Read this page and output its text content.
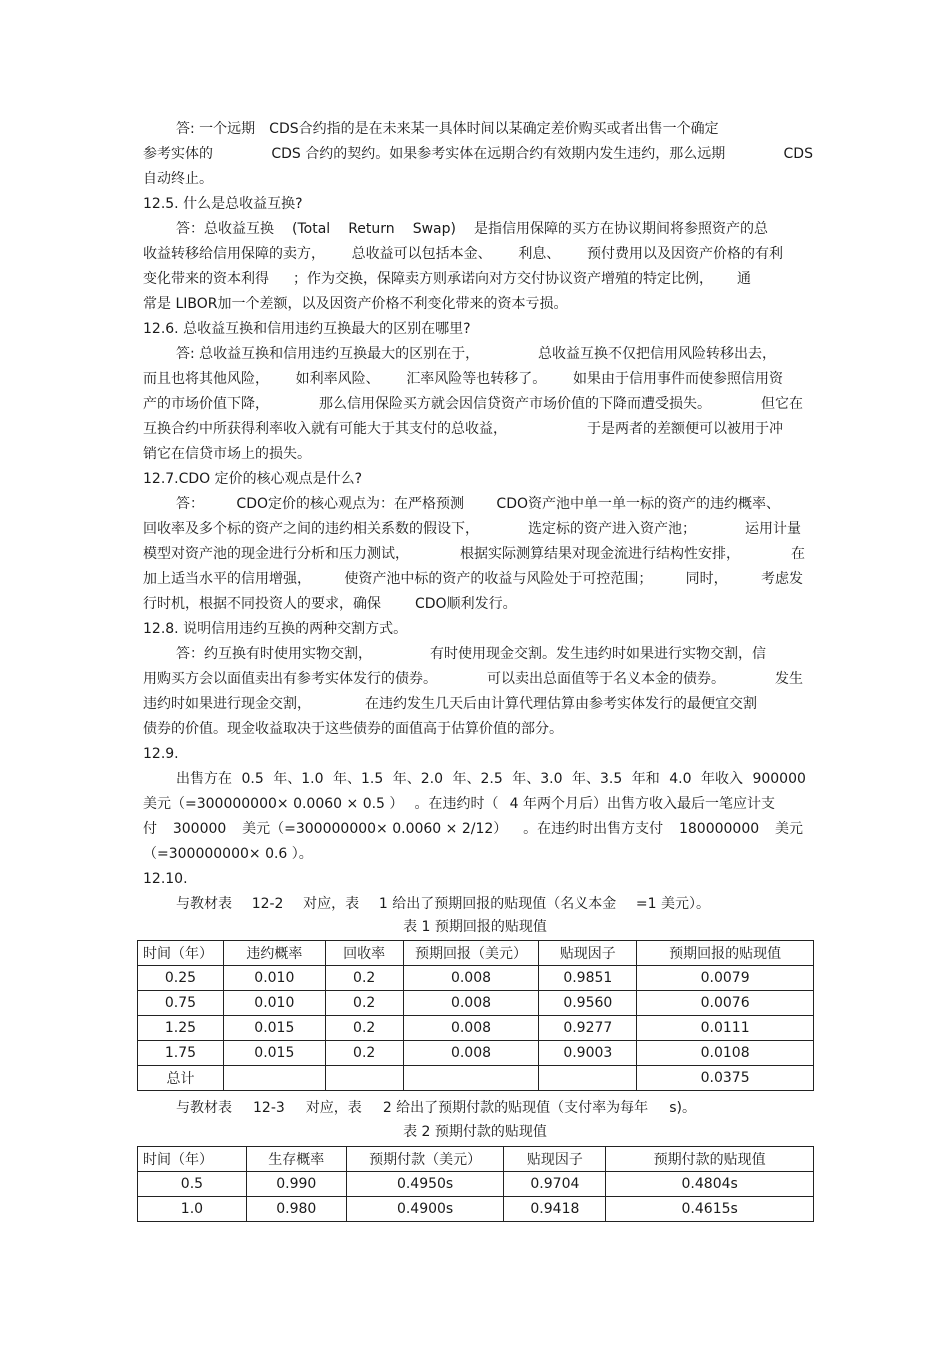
答: 一个远期 CDS合约指的是在未来某一具体时间以某确定差价购买或者出售一个确定
参考实体的	CDS 合约的契约。如果参考实体在远期合约有效期内发生违约，那么远期	CDS
自动终止。
12.5. 什么是总收益互换?
答：总收益互换 (Total Return Swap) 是指信用保障的买方在协议期间将参照资产的总
收益转移给信用保障的卖方， 总收益可以包括本金、 利息、 预付费用以及因资产价格的有利
变化带来的资本利得 ；作为交换，保障卖方则承诺向对方交付协议资产增殖的特定比例， 通
常是 LIBOR加一个差额，以及因资产价格不利变化带来的资本亏损。
12.6. 总收益互换和信用违约互换最大的区别在哪里?
答: 总收益互换和信用违约互换最大的区别在于，	总收益互换不仅把信用风险转移出去，
而且也将其他风险， 如利率风险、 汇率风险等也转移了。 如果由于信用事件而使参照信用资
产的市场价值下降，	那么信用保险买方就会因信贷资产市场价值的下降而遭受损失。	但它在
互换合约中所获得利率收入就有可能大于其支付的总收益，	于是两者的差额便可以被用于冲
销它在信贷市场上的损失。
12.7.CDO 定价的核心观点是什么?
答： CDO定价的核心观点为：在严格预测 CDO资产池中单一单一标的资产的违约概率、
回收率及多个标的资产之间的违约相关系数的假设下，	选定标的资产进入资产池；	运用计量
模型对资产池的现金进行分析和压力测试，	根据实际测算结果对现金流进行结构性安排，	在
加上适当水平的信用增强， 使资产池中标的资产的收益与风险处于可控范围； 同时， 考虑发
行时机，根据不同投资人的要求，确保 CDO顺利发行。
12.8. 说明信用违约互换的两种交割方式。
答：约互换有时使用实物交割，	有时使用现金交割。发生违约时如果进行实物交割，信
用购买方会以面值卖出有参考实体发行的债券。	可以卖出总面值等于名义本金的债券。	发生
违约时如果进行现金交割，	在违约发生几天后由计算代理估算由参考实体发行的最便宜交割
债券的价值。现金收益取决于这些债券的面值高于估算价值的部分。
12.9.
出售方在 0.5 年、1.0 年、1.5 年、2.0 年、2.5 年、3.0 年、3.5 年和 4.0 年收入 900000
美元（=300000000× 0.0060 × 0.5 ） 。在违约时（ 4 年两个月后）出售方收入最后一笔应计支
付 300000 美元（=300000000× 0.0060 × 2/12） 。在违约时出售方支付 180000000 美元
（=300000000× 0.6 ）。
12.10.
与教材表 12-2 对应，表 1 给出了预期回报的贴现值（名义本金 =1 美元）。
表 1 预期回报的贴现值
时间（年）	违约概率	回收率	预期回报（美元）	贴现因子	预期回报的贴现值
0.25	0.010	0.2	0.008	0.9851	0.0079
0.75	0.010	0.2	0.008	0.9560	0.0076
1.25	0.015	0.2	0.008	0.9277	0.0111
1.75	0.015	0.2	0.008	0.9003	0.0108
总计					0.0375
与教材表 12-3 对应，表 2 给出了预期付款的贴现值（支付率为每年 s)。
表 2 预期付款的贴现值
时间（年）	生存概率	预期付款（美元）	贴现因子	预期付款的贴现值
0.5	0.990	0.4950s	0.9704	0.4804s
1.0	0.980	0.4900s	0.9418	0.4615s
